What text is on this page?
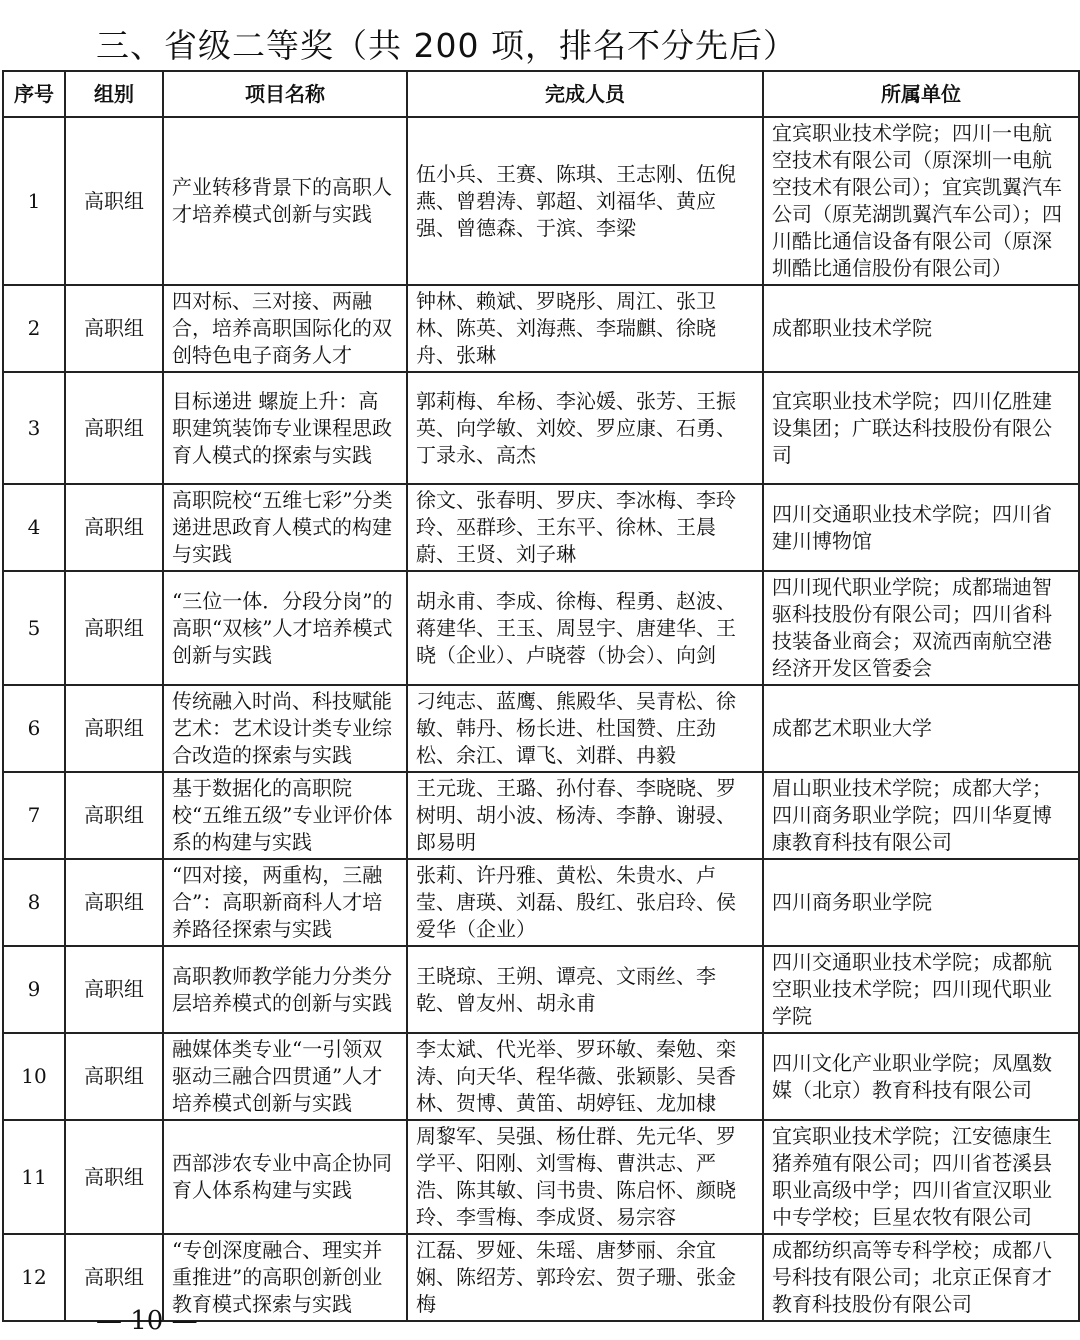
三、省级二等奖（共 200 项，排名不分先后）
序号	组别	项目名称	完成人员	所属单位
1	高职组	产业转移背景下的高职人才培养模式创新与实践	伍小兵、王赛、陈琪、王志刚、伍倪燕、曾碧涛、郭超、刘福华、黄应强、曾德森、于滨、李梁	宜宾职业技术学院；四川一电航空技术有限公司（原深圳一电航空技术有限公司）；宜宾凯翼汽车公司（原芜湖凯翼汽车公司）；四川酷比通信设备有限公司（原深圳酷比通信股份有限公司）
2	高职组	四对标、三对接、两融合，培养高职国际化的双创特色电子商务人才	钟林、赖斌、罗晓彤、周江、张卫林、陈英、刘海燕、李瑞麒、徐晓舟、张琳	成都职业技术学院
3	高职组	目标递进 螺旋上升：高职建筑装饰专业课程思政育人模式的探索与实践	郭莉梅、牟杨、李沁媛、张芳、王振英、向学敏、刘姣、罗应康、石勇、丁录永、高杰	宜宾职业技术学院；四川亿胜建设集团；广联达科技股份有限公司
4	高职组	高职院校“五维七彩”分类递进思政育人模式的构建与实践	徐文、张春明、罗庆、李冰梅、李玲玲、巫群珍、王东平、徐林、王晨蔚、王贤、刘子琳	四川交通职业技术学院；四川省建川博物馆
5	高职组	“三位一体．分段分岗”的高职“双核”人才培养模式创新与实践	胡永甫、李成、徐梅、程勇、赵波、蒋建华、王玉、周昱宇、唐建华、王晓（企业）、卢晓蓉（协会）、向剑	四川现代职业学院；成都瑞迪智驱科技股份有限公司；四川省科技装备业商会；双流西南航空港经济开发区管委会
6	高职组	传统融入时尚、科技赋能艺术：艺术设计类专业综合改造的探索与实践	刁纯志、蓝鹰、熊殿华、吴青松、徐敏、韩丹、杨长进、杜国赞、庄劲松、余江、谭飞、刘群、冉毅	成都艺术职业大学
7	高职组	基于数据化的高职院校“五维五级”专业评价体系的构建与实践	王元珑、王璐、孙付春、李晓晓、罗树明、胡小波、杨涛、李静、谢骎、郎易明	眉山职业技术学院；成都大学；四川商务职业学院；四川华夏博康教育科技有限公司
8	高职组	“四对接，两重构，三融合”：高职新商科人才培养路径探索与实践	张莉、许丹雅、黄松、朱贵水、卢莹、唐瑛、刘磊、殷红、张启玲、侯爱华（企业）	四川商务职业学院
9	高职组	高职教师教学能力分类分层培养模式的创新与实践	王晓琼、王朔、谭亮、文雨丝、李乾、曾友州、胡永甫	四川交通职业技术学院；成都航空职业技术学院；四川现代职业学院
10	高职组	融媒体类专业“一引领双驱动三融合四贯通”人才培养模式创新与实践	李太斌、代光举、罗环敏、秦勉、栾涛、向天华、程华薇、张颖影、吴香林、贺博、黄笛、胡婷钰、龙加棣	四川文化产业职业学院；凤凰数媒（北京）教育科技有限公司
11	高职组	西部涉农专业中高企协同育人体系构建与实践	周黎军、吴强、杨仕群、先元华、罗学平、阳刚、刘雪梅、曹洪志、严浩、陈其敏、闫书贵、陈启怀、颜晓玲、李雪梅、李成贤、易宗容	宜宾职业技术学院；江安德康生猪养殖有限公司；四川省苍溪县职业高级中学；四川省宣汉职业中专学校；巨星农牧有限公司
12	高职组	“专创深度融合、理实并重推进”的高职创新创业教育模式探索与实践	江磊、罗娅、朱瑶、唐梦丽、余宜娴、陈绍芳、郭玲宏、贺子珊、张金梅	成都纺织高等专科学校；成都八号科技有限公司；北京正保育才教育科技股份有限公司
— 10 —
